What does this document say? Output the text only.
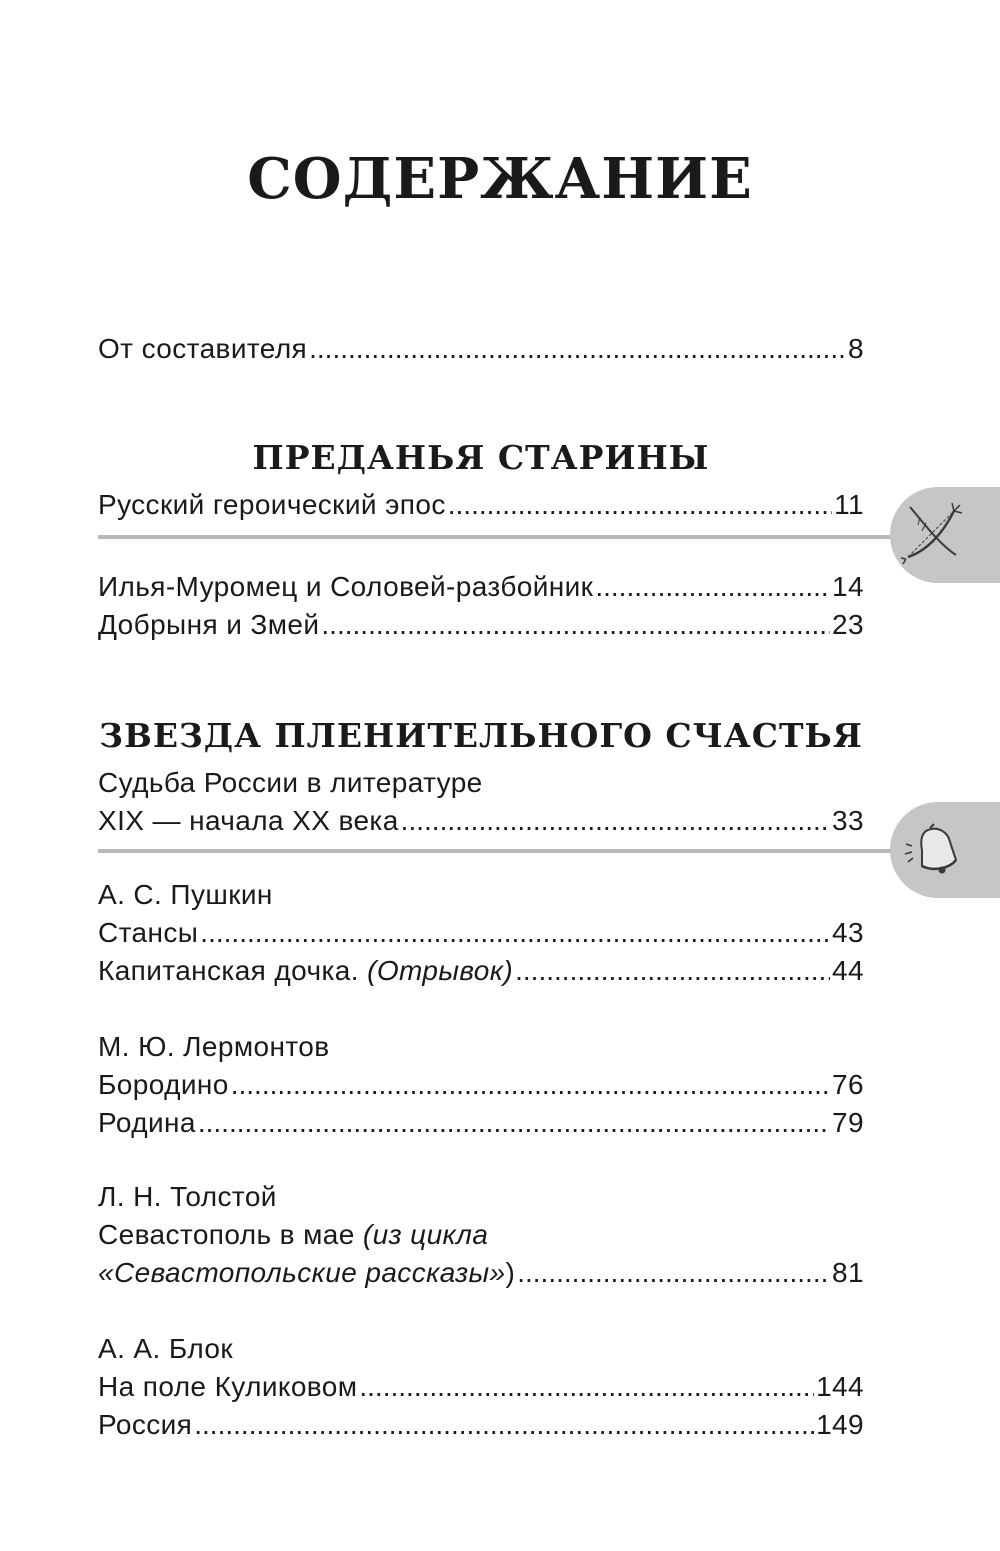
СОДЕРЖАНИЕ
От составителя .....	8
ПРЕДАНЬЯ СТАРИНЫ
Русский героический эпос .....	11
Илья-Муромец и Соловей-разбойник .....	14
Добрыня и Змей .....	23
ЗВЕЗДА ПЛЕНИТЕЛЬНОГО СЧАСТЬЯ
Судьба России в литературе
XIX — начала XX века .....	33
А. С. Пушкин
Стансы .....	43
Капитанская дочка. (Отрывок) .....	44
М. Ю. Лермонтов
Бородино .....	76
Родина .....	79
Л. Н. Толстой
Севастополь в мае (из цикла
«Севастопольские рассказы») .....	81
А. А. Блок
На поле Куликовом .....	144
Россия .....	149
